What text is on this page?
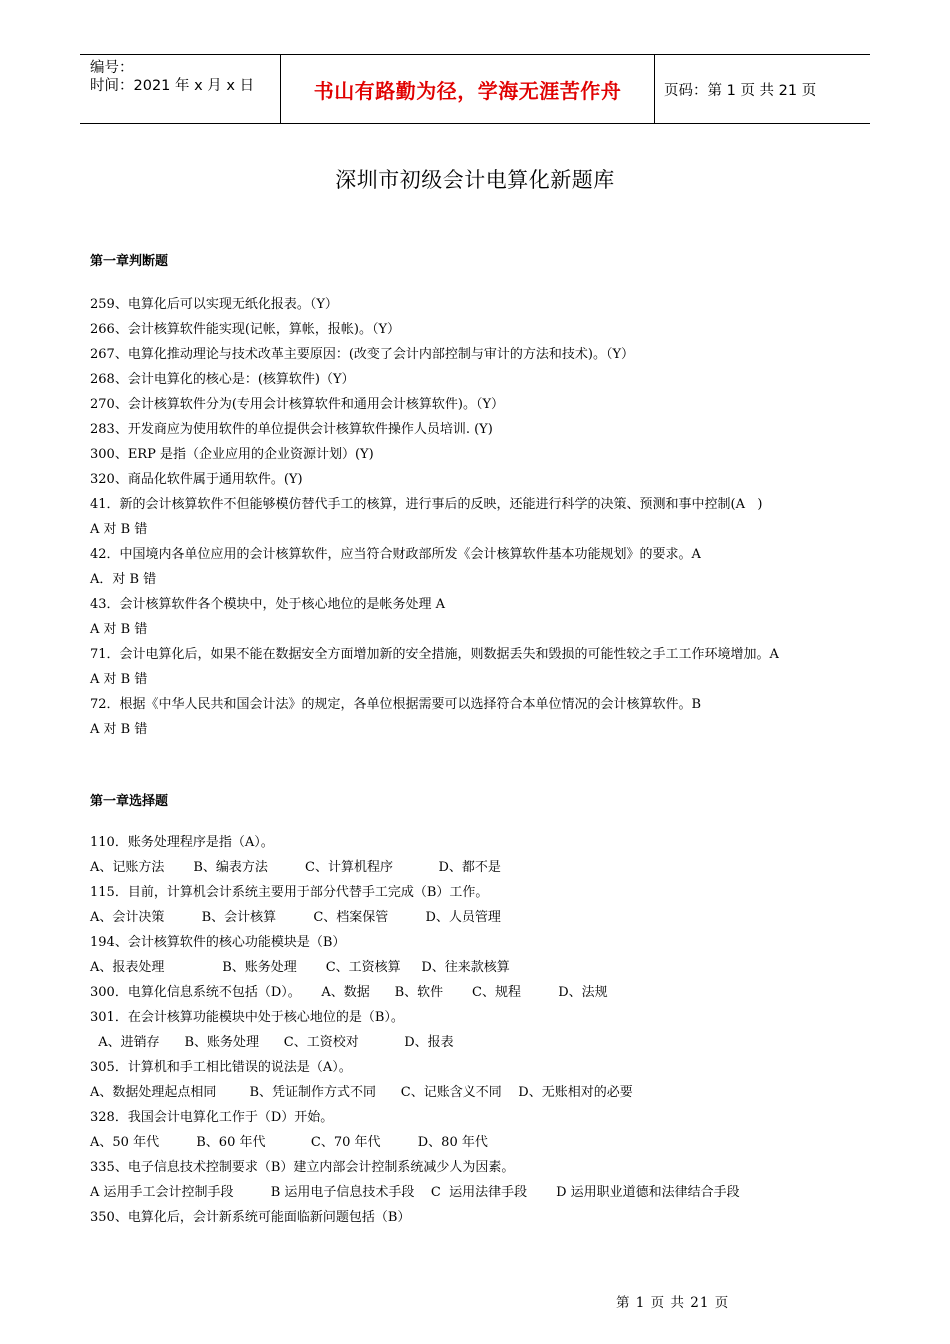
编号：
时间：2021 年 x 月 x 日	书山有路勤为径，学海无涯苦作舟	页码：第 1 页 共 21 页
深圳市初级会计电算化新题库
第一章判断题
259、电算化后可以实现无纸化报表。（Y）
266、会计核算软件能实现(记帐，算帐，报帐)。（Y）
267、电算化推动理论与技术改革主要原因：(改变了会计内部控制与审计的方法和技术)。（Y）
268、会计电算化的核心是：(核算软件)（Y）
270、会计核算软件分为(专用会计核算软件和通用会计核算软件)。（Y）
283、开发商应为使用软件的单位提供会计核算软件操作人员培训. (Y)
300、ERP 是指（企业应用的企业资源计划）(Y)
320、商品化软件属于通用软件。(Y)
41．新的会计核算软件不但能够模仿替代手工的核算，进行事后的反映，还能进行科学的决策、预测和事中控制(A   )
A 对 B 错
42．中国境内各单位应用的会计核算软件，应当符合财政部所发《会计核算软件基本功能规划》的要求。A
A．对 B 错
43．会计核算软件各个模块中，处于核心地位的是帐务处理 A
A 对 B 错
71．会计电算化后，如果不能在数据安全方面增加新的安全措施，则数据丢失和毁损的可能性较之手工工作环境增加。A
A 对 B 错
72．根据《中华人民共和国会计法》的规定，各单位根据需要可以选择符合本单位情况的会计核算软件。B
A 对 B 错
第一章选择题
110．账务处理程序是指（A）。
A、记账方法       B、编表方法         C、计算机程序           D、都不是
115．目前，计算机会计系统主要用于部分代替手工完成（B）工作。
A、会计决策         B、会计核算         C、档案保管         D、人员管理
194、会计核算软件的核心功能模块是（B）
A、报表处理              B、账务处理       C、工资核算     D、往来款核算
300．电算化信息系统不包括（D）。     A、数据      B、软件       C、规程         D、法规
301．在会计核算功能模块中处于核心地位的是（B）。
A、进销存      B、账务处理      C、工资校对           D、报表
305．计算机和手工相比错误的说法是（A）。
A、数据处理起点相同        B、凭证制作方式不同      C、记账含义不同    D、无账相对的必要
328．我国会计电算化工作于（D）开始。
A、50 年代         B、60 年代           C、70 年代         D、80 年代
335、电子信息技术控制要求（B）建立内部会计控制系统减少人为因素。
A 运用手工会计控制手段         B 运用电子信息技术手段    C  运用法律手段       D 运用职业道德和法律结合手段
350、电算化后，会计新系统可能面临新问题包括（B）
第 1 页 共 21 页
